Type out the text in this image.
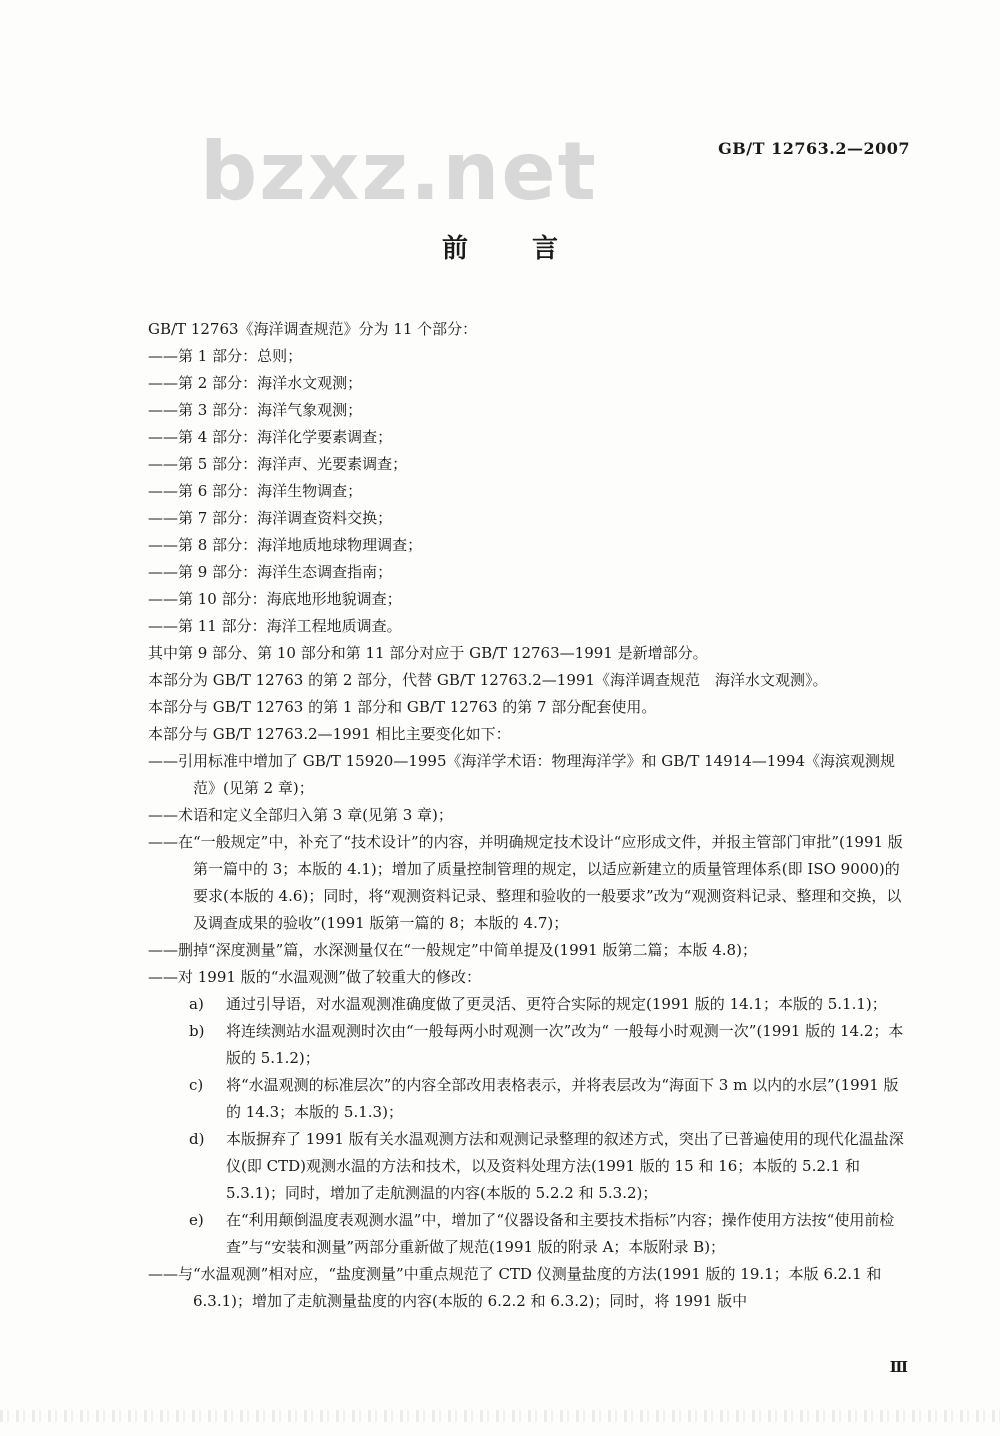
bzxz.net	GB/T 12763.2—2007
前言

GB/T 12763《海洋调查规范》分为 11 个部分：

——第 1 部分：总则；

——第 2 部分：海洋水文观测；

——第 3 部分：海洋气象观测；

——第 4 部分：海洋化学要素调查；

——第 5 部分：海洋声、光要素调查；

——第 6 部分：海洋生物调查；

——第 7 部分：海洋调查资料交换；

——第 8 部分：海洋地质地球物理调查；

——第 9 部分：海洋生态调查指南；

——第 10 部分：海底地形地貌调查；

——第 11 部分：海洋工程地质调查。

其中第 9 部分、第 10 部分和第 11 部分对应于 GB/T 12763—1991 是新增部分。

本部分为 GB/T 12763 的第 2 部分，代替 GB/T 12763.2—1991《海洋调查规范　海洋水文观测》。

本部分与 GB/T 12763 的第 1 部分和 GB/T 12763 的第 7 部分配套使用。

本部分与 GB/T 12763.2—1991 相比主要变化如下：

——引用标准中增加了 GB/T 15920—1995《海洋学术语：物理海洋学》和 GB/T 14914—1994《海滨观测规范》(见第 2 章)；

——术语和定义全部归入第 3 章(见第 3 章)；

——在“一般规定”中，补充了“技术设计”的内容，并明确规定技术设计“应形成文件，并报主管部门审批”(1991 版第一篇中的 3；本版的 4.1)；增加了质量控制管理的规定，以适应新建立的质量管理体系(即 ISO 9000)的要求(本版的 4.6)；同时，将“观测资料记录、整理和验收的一般要求”改为“观测资料记录、整理和交换，以及调查成果的验收”(1991 版第一篇的 8；本版的 4.7)；

——删掉“深度测量”篇，水深测量仅在“一般规定”中简单提及(1991 版第二篇；本版 4.8)；

——对 1991 版的“水温观测”做了较重大的修改：

a) 通过引导语，对水温观测准确度做了更灵活、更符合实际的规定(1991 版的 14.1；本版的 5.1.1)；
b) 将连续测站水温观测时次由“一般每两小时观测一次”改为“ 一般每小时观测一次”(1991 版的 14.2；本版的 5.1.2)；
c) 将“水温观测的标准层次”的内容全部改用表格表示，并将表层改为“海面下 3 m 以内的水层”(1991 版的 14.3；本版的 5.1.3)；
d) 本版摒弃了 1991 版有关水温观测方法和观测记录整理的叙述方式，突出了已普遍使用的现代化温盐深仪(即 CTD)观测水温的方法和技术，以及资料处理方法(1991 版的 15 和 16；本版的 5.2.1 和 5.3.1)；同时，增加了走航测温的内容(本版的 5.2.2 和 5.3.2)；
e) 在“利用颠倒温度表观测水温”中，增加了“仪器设备和主要技术指标”内容；操作使用方法按“使用前检查”与“安装和测量”两部分重新做了规范(1991 版的附录 A；本版附录 B)；

——与“水温观测”相对应，“盐度测量”中重点规范了 CTD 仪测量盐度的方法(1991 版的 19.1；本版 6.2.1 和 6.3.1)；增加了走航测量盐度的内容(本版的 6.2.2 和 6.3.2)；同时，将 1991 版中

Ⅲ
